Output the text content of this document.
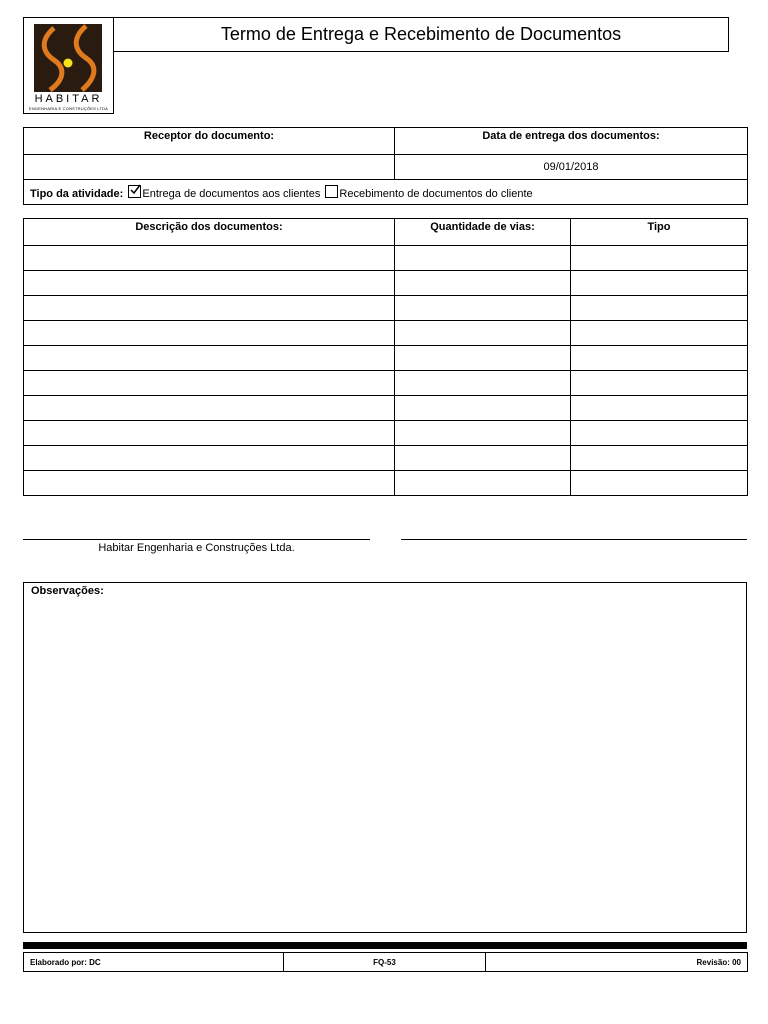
HABITAR
ENGENHARIA E CONSTRUÇÕES LTDA
Termo de Entrega e Recebimento de Documentos
Receptor do documento:	Data de entrega dos documentos:
	09/01/2018
Tipo da atividade: Entrega de documentos aos clientes Recebimento de documentos do cliente	
Descrição dos documentos:	Quantidade de vias:	Tipo

Habitar Engenharia e Construções Ltda.
Observações:
Elaborado por: DC	FQ-53	Revisão: 00
